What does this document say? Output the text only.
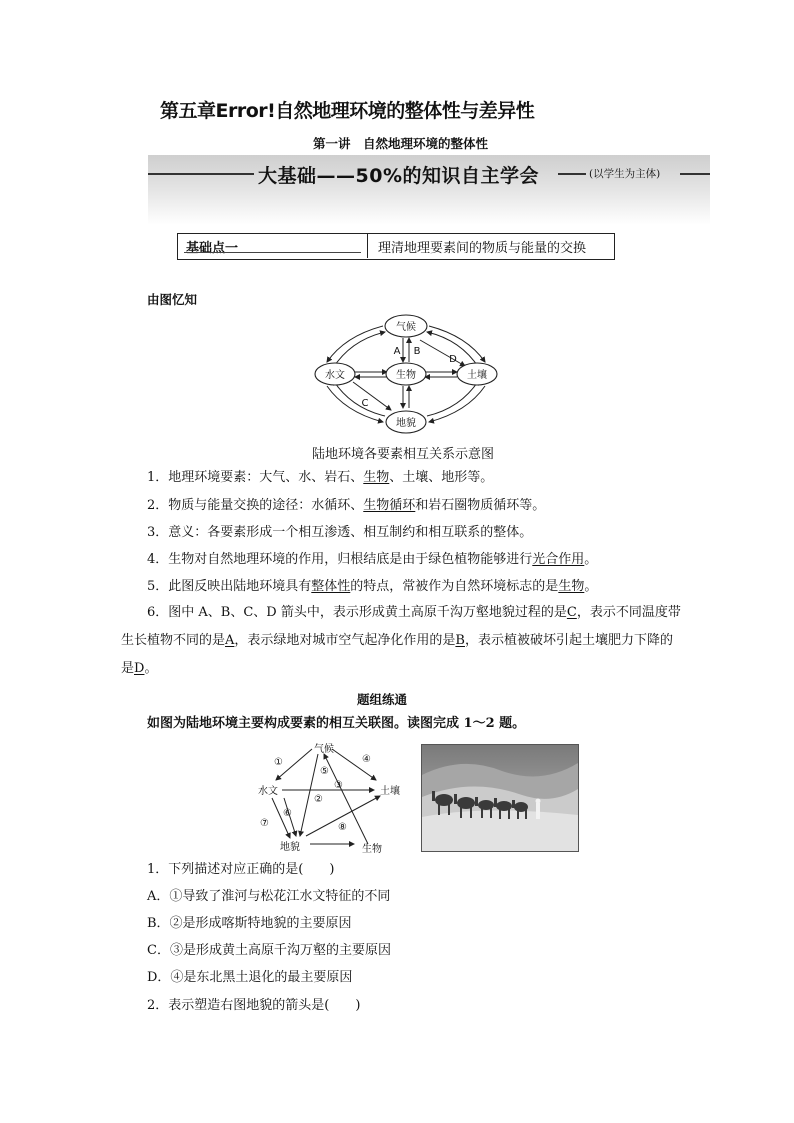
第五章Error!自然地理环境的整体性与差异性
第一讲　自然地理环境的整体性
大基础——50%的知识自主学会	(以学生为主体)
基础点一	理清地理要素间的物质与能量的交换
由图忆知
气候
水文	生物	土壤
地貌
A B
C
D
陆地环境各要素相互关系示意图
1．地理环境要素：大气、水、岩石、生物、土壤、地形等。
2．物质与能量交换的途径：水循环、生物循环和岩石圈物质循环等。
3．意义：各要素形成一个相互渗透、相互制约和相互联系的整体。
4．生物对自然地理环境的作用，归根结底是由于绿色植物能够进行光合作用。
5．此图反映出陆地环境具有整体性的特点，常被作为自然环境标志的是生物。
6．图中 A、B、C、D 箭头中，表示形成黄土高原千沟万壑地貌过程的是C，表示不同温度带生长植物不同的是A，表示绿地对城市空气起净化作用的是B，表示植被破坏引起土壤肥力下降的是D。
题组练通
如图为陆地环境主要构成要素的相互关联图。读图完成 1～2 题。
气候
水文	土壤
地貌	生物
①
②
③
④
⑤
⑥
⑦	⑧
1．下列描述对应正确的是(　　)
A．①导致了淮河与松花江水文特征的不同
B．②是形成喀斯特地貌的主要原因
C．③是形成黄土高原千沟万壑的主要原因
D．④是东北黑土退化的最主要原因
2．表示塑造右图地貌的箭头是(　　)
